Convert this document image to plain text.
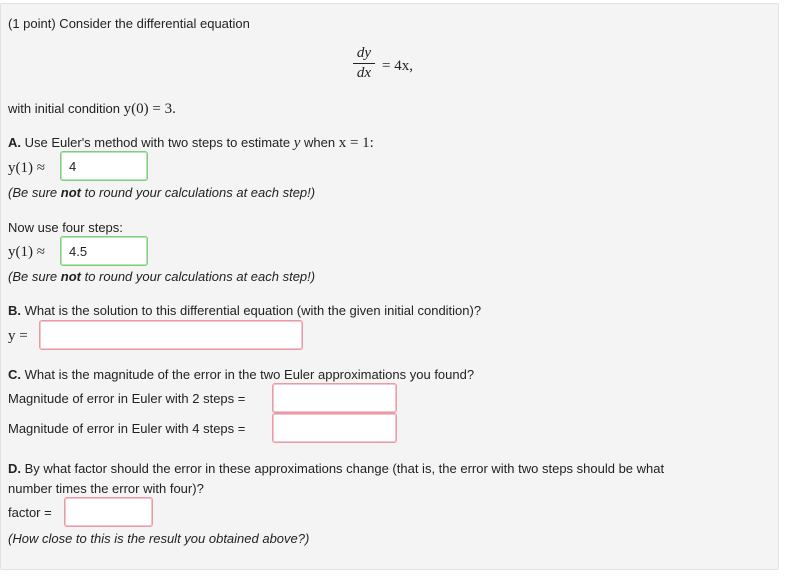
(1 point) Consider the differential equation
dy
dx = 4x,
with initial condition y(0) = 3.
A. Use Euler's method with two steps to estimate y when x = 1:
y(1) ≈
4
(Be sure not to round your calculations at each step!)
Now use four steps:
y(1) ≈
4.5
(Be sure not to round your calculations at each step!)
B. What is the solution to this differential equation (with the given initial condition)?
y =
C. What is the magnitude of the error in the two Euler approximations you found?
Magnitude of error in Euler with 2 steps =
Magnitude of error in Euler with 4 steps =
D. By what factor should the error in these approximations change (that is, the error with two steps should be what
number times the error with four)?
factor =
(How close to this is the result you obtained above?)
